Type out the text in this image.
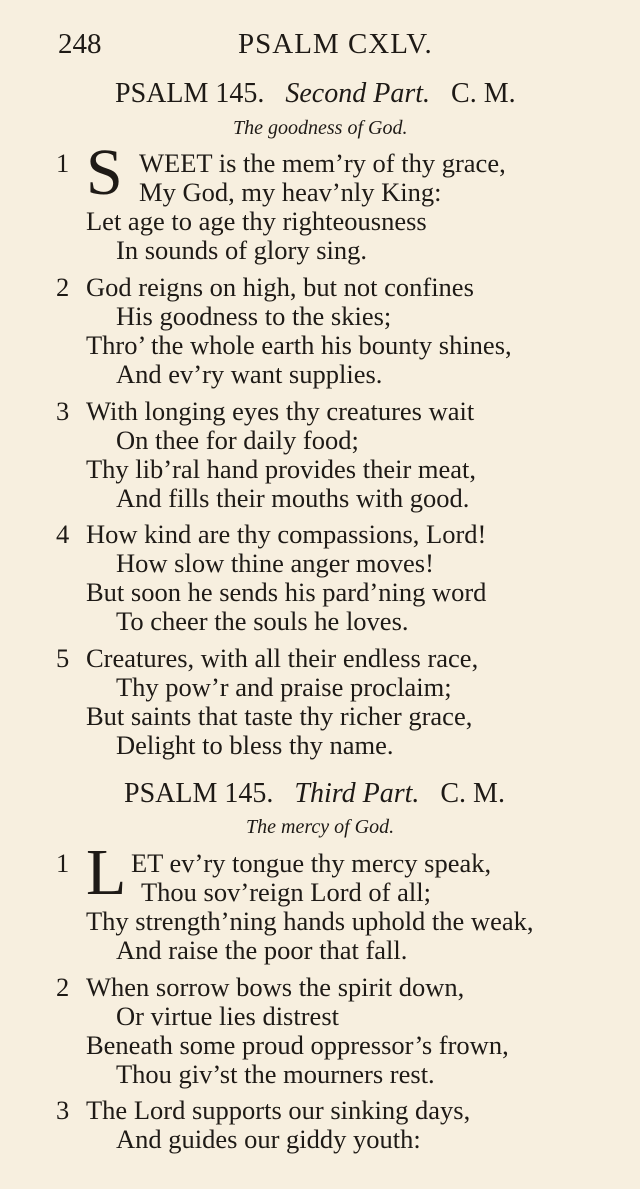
248	PSALM CXLV.
PSALM 145. Second Part. C. M.
The goodness of God.
1 S WEET is the mem’ry of thy grace,
My God, my heav’nly King:
Let age to age thy righteousness
In sounds of glory sing.
2 God reigns on high, but not confines
His goodness to the skies;
Thro’ the whole earth his bounty shines,
And ev’ry want supplies.
3 With longing eyes thy creatures wait
On thee for daily food;
Thy lib’ral hand provides their meat,
And fills their mouths with good.
4 How kind are thy compassions, Lord!
How slow thine anger moves!
But soon he sends his pard’ning word
To cheer the souls he loves.
5 Creatures, with all their endless race,
Thy pow’r and praise proclaim;
But saints that taste thy richer grace,
Delight to bless thy name.
PSALM 145. Third Part. C. M.
The mercy of God.
1 L ET ev’ry tongue thy mercy speak,
Thou sov’reign Lord of all;
Thy strength’ning hands uphold the weak,
And raise the poor that fall.
2 When sorrow bows the spirit down,
Or virtue lies distrest
Beneath some proud oppressor’s frown,
Thou giv’st the mourners rest.
3 The Lord supports our sinking days,
And guides our giddy youth:
